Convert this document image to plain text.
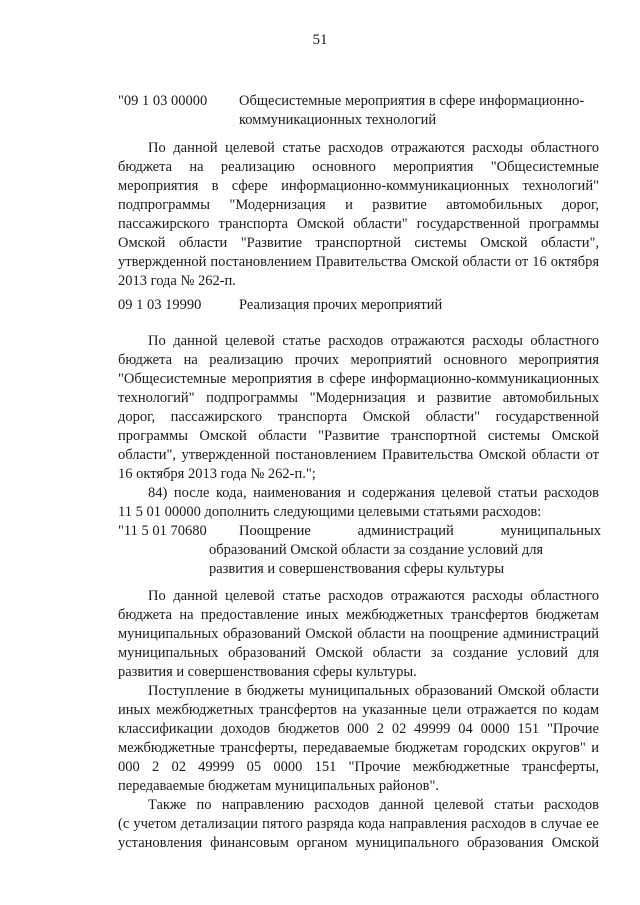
51
"09 1 03 00000 Общесистемные мероприятия в сфере информационно-
коммуникационных технологий
По данной целевой статье расходов отражаются расходы областного
бюджета на реализацию основного мероприятия "Общесистемные
мероприятия в сфере информационно-коммуникационных технологий"
подпрограммы "Модернизация и развитие автомобильных дорог,
пассажирского транспорта Омской области" государственной программы
Омской области "Развитие транспортной системы Омской области",
утвержденной постановлением Правительства Омской области от 16 октября
2013 года № 262-п.
09 1 03 19990	Реализация прочих мероприятий
По данной целевой статье расходов отражаются расходы областного
бюджета на реализацию прочих мероприятий основного мероприятия
"Общесистемные мероприятия в сфере информационно-коммуникационных
технологий" подпрограммы "Модернизация и развитие автомобильных
дорог, пассажирского транспорта Омской области" государственной
программы Омской области "Развитие транспортной системы Омской
области", утвержденной постановлением Правительства Омской области от
16 октября 2013 года № 262-п.";
84) после кода, наименования и содержания целевой статьи расходов
11 5 01 00000 дополнить следующими целевыми статьями расходов:
"11 5 01 70680 Поощрение администраций муниципальных
образований Омской области за создание условий для
развития и совершенствования сферы культуры
По данной целевой статье расходов отражаются расходы областного
бюджета на предоставление иных межбюджетных трансфертов бюджетам
муниципальных образований Омской области на поощрение администраций
муниципальных образований Омской области за создание условий для
развития и совершенствования сферы культуры.
Поступление в бюджеты муниципальных образований Омской области
иных межбюджетных трансфертов на указанные цели отражается по кодам
классификации доходов бюджетов 000 2 02 49999 04 0000 151 "Прочие
межбюджетные трансферты, передаваемые бюджетам городских округов" и
000 2 02 49999 05 0000 151 "Прочие межбюджетные трансферты,
передаваемые бюджетам муниципальных районов".
Также по направлению расходов данной целевой статьи расходов
(с учетом детализации пятого разряда кода направления расходов в случае ее
установления финансовым органом муниципального образования Омской
